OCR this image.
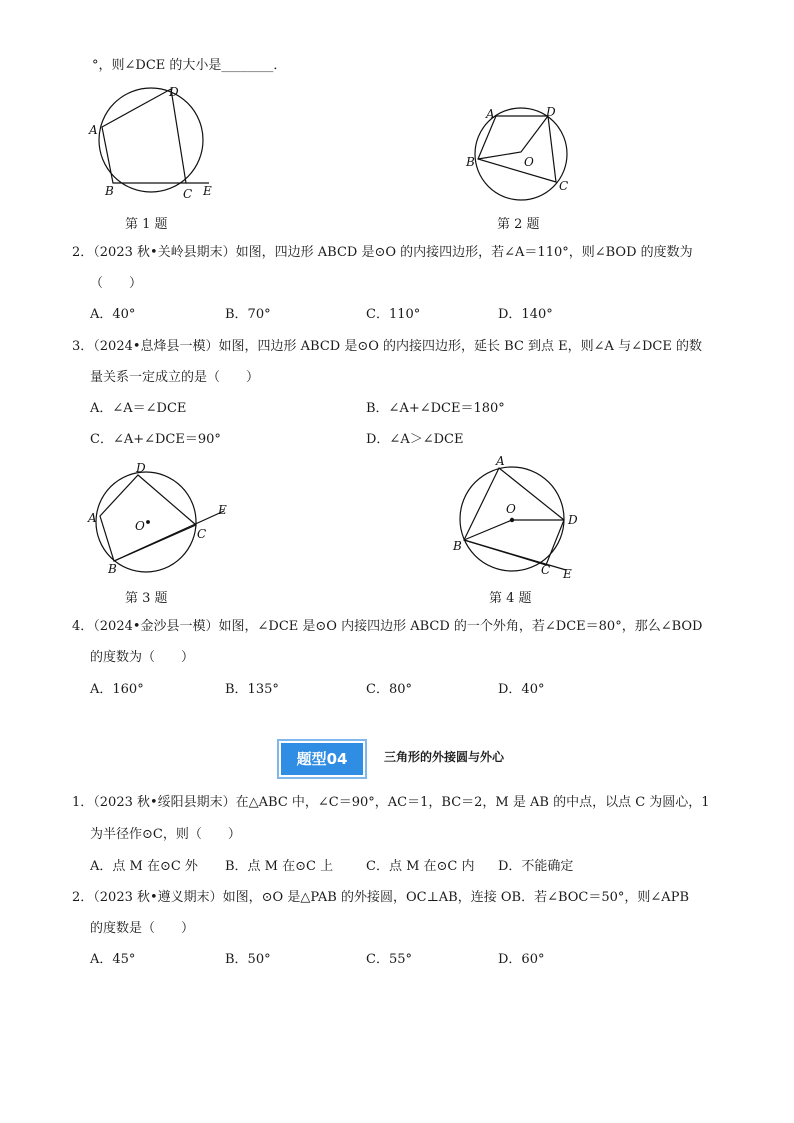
°，则∠DCE 的大小是________．
A
B	C
D
E
第 1 题
A
B
C
D
O
第 2 题
2．（2023 秋•关岭县期末）如图，四边形 ABCD 是⊙O 的内接四边形，若∠A＝110°，则∠BOD 的度数为
（　　）
A．40°	B．70°	C．110°	D．140°
3．（2024•息烽县一模）如图，四边形 ABCD 是⊙O 的内接四边形，延长 BC 到点 E，则∠A 与∠DCE 的数
量关系一定成立的是（　　）
A．∠A＝∠DCE	B．∠A+∠DCE＝180°
C．∠A+∠DCE＝90°	D．∠A＞∠DCE
A
B
C
D
E
O
第 3 题
A
B
C
D
E
O
第 4 题
4．（2024•金沙县一模）如图，∠DCE 是⊙O 内接四边形 ABCD 的一个外角，若∠DCE＝80°，那么∠BOD
的度数为（　　）
A．160°	B．135°	C．80°	D．40°
题型04	三角形的外接圆与外心
1．（2023 秋•绥阳县期末）在△ABC 中，∠C＝90°，AC＝1，BC＝2，M 是 AB 的中点，以点 C 为圆心，1
为半径作⊙C，则（　　）
A．点 M 在⊙C 外 B．点 M 在⊙C 上	C．点 M 在⊙C 内 D．不能确定
2．（2023 秋•遵义期末）如图，⊙O 是△PAB 的外接圆，OC⊥AB，连接 OB．若∠BOC＝50°，则∠APB
的度数是（　　）
A．45°	B．50°	C．55°	D．60°
